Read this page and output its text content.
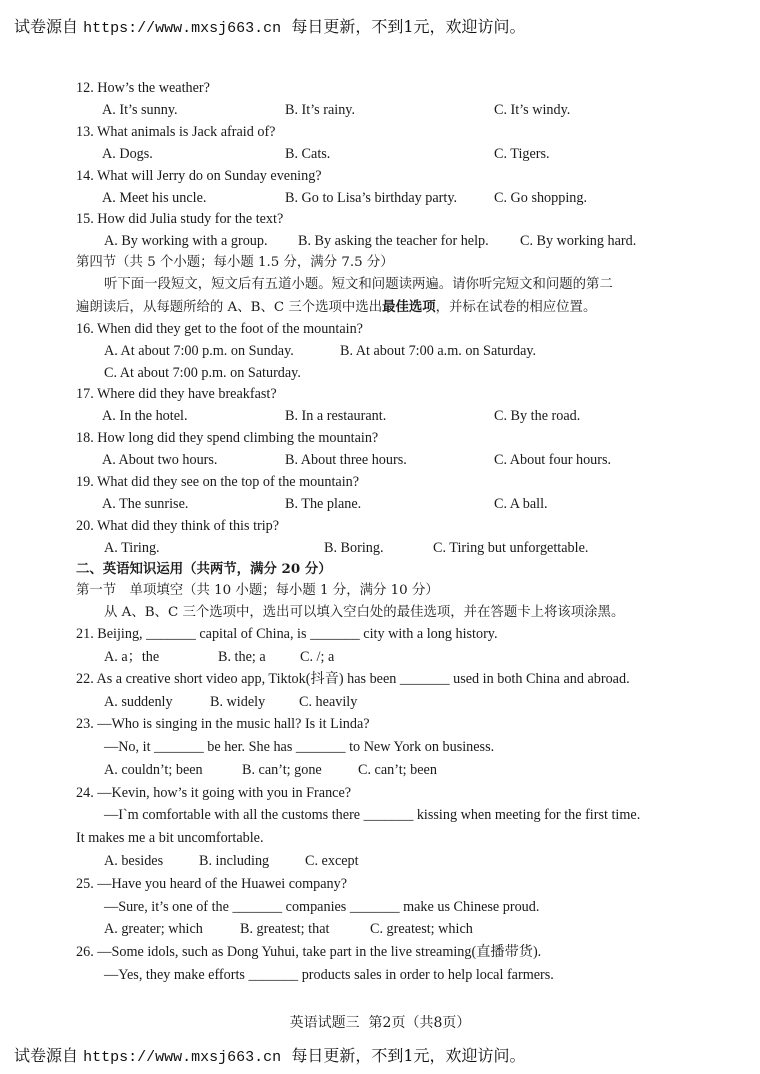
试卷源自 https://www.mxsj663.cn 每日更新，不到1元，欢迎访问。
12. How’s the weather?
A. It’s sunny.	B. It’s rainy.	C. It’s windy.
13. What animals is Jack afraid of?
A. Dogs.	B. Cats.	C. Tigers.
14. What will Jerry do on Sunday evening?
A. Meet his uncle.	B. Go to Lisa’s birthday party.	C. Go shopping.
15. How did Julia study for the text?
A. By working with a group. B. By asking the teacher for help. C. By working hard.
第四节（共 5 个小题；每小题 1.5 分，满分 7.5 分）
听下面一段短文，短文后有五道小题。短文和问题读两遍。请你听完短文和问题的第二
遍朗读后，从每题所给的 A、B、C 三个选项中选出最佳选项，并标在试卷的相应位置。
16. When did they get to the foot of the mountain?
A. At about 7:00 p.m. on Sunday.	B. At about 7:00 a.m. on Saturday.
C. At about 7:00 p.m. on Saturday.
17. Where did they have breakfast?
A. In the hotel.	B. In a restaurant.	C. By the road.
18. How long did they spend climbing the mountain?
A. About two hours.	B. About three hours.	C. About four hours.
19. What did they see on the top of the mountain?
A. The sunrise.	B. The plane.	C. A ball.
20. What did they think of this trip?
A. Tiring.	B. Boring.	C. Tiring but unforgettable.
二、英语知识运用（共两节，满分 20 分）
第一节　单项填空（共 10 小题；每小题 1 分，满分 10 分）
从 A、B、C 三个选项中，选出可以填入空白处的最佳选项，并在答题卡上将该项涂黑。
21. Beijing, _______ capital of China, is _______ city with a long history.
A. a；the	B. the; a C. /; a
22. As a creative short video app, Tiktok(抖音) has been _______ used in both China and abroad.
A. suddenly	B. widely C. heavily
23. —Who is singing in the music hall? Is it Linda?
—No, it _______ be her. She has _______ to New York on business.
A. couldn’t; been	B. can’t; gone	C. can’t; been
24. —Kevin, how’s it going with you in France?
—I`m comfortable with all the customs there _______ kissing when meeting for the first time.
It makes me a bit uncomfortable.
A. besides	B. including	C. except
25. —Have you heard of the Huawei company?
—Sure, it’s one of the _______ companies _______ make us Chinese proud.
A. greater; which	B. greatest; that	C. greatest; which
26. —Some idols, such as Dong Yuhui, take part in the live streaming(直播带货).
—Yes, they make efforts _______ products sales in order to help local farmers.
英语试题三  第2页（共8页）
试卷源自 https://www.mxsj663.cn 每日更新，不到1元，欢迎访问。
